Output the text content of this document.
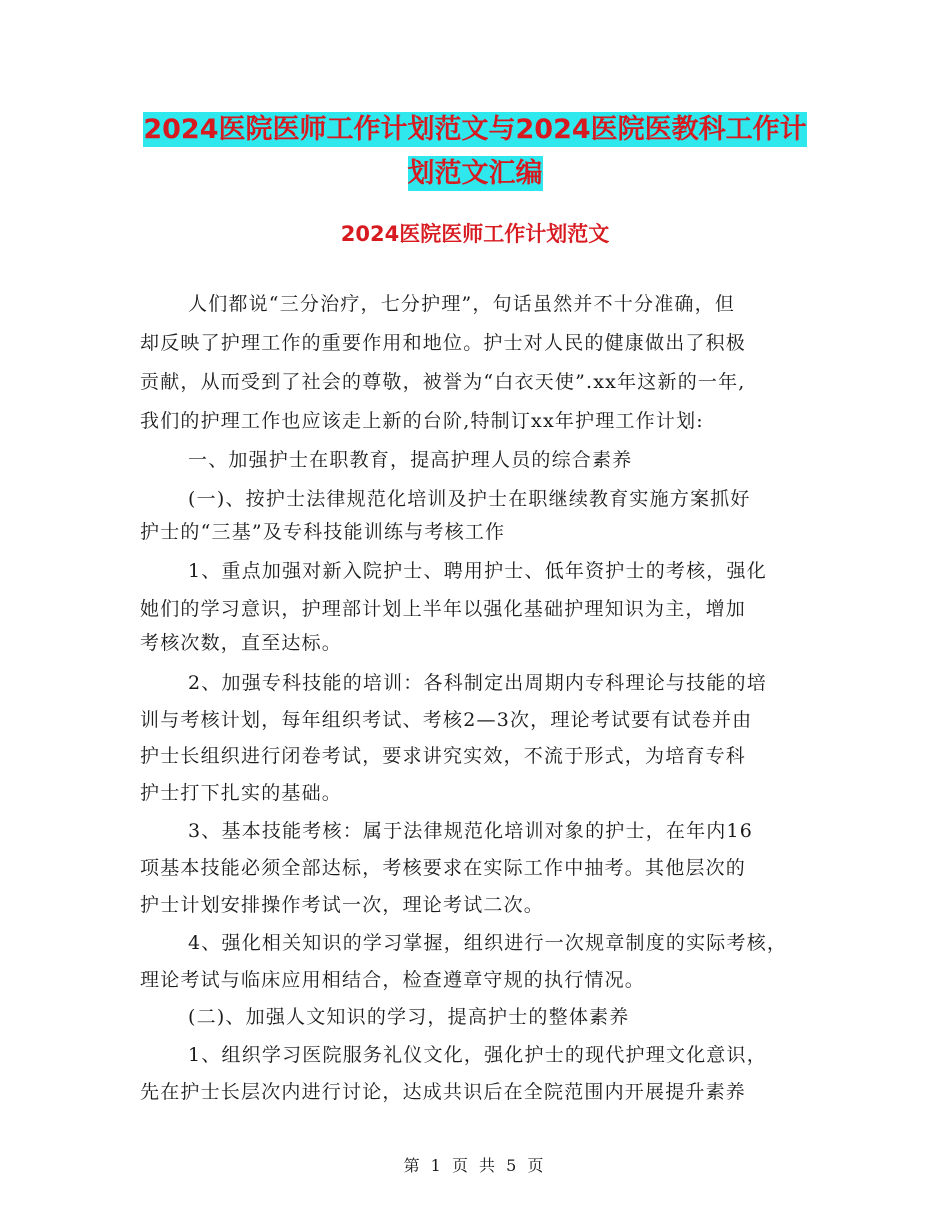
2024医院医师工作计划范文与2024医院医教科工作计
划范文汇编
2024医院医师工作计划范文
人们都说“三分治疗，七分护理”，句话虽然并不十分准确，但
却反映了护理工作的重要作用和地位。护士对人民的健康做出了积极
贡献，从而受到了社会的尊敬，被誉为“白衣天使”.xx年这新的一年,
我们的护理工作也应该走上新的台阶,特制订xx年护理工作计划:
一、加强护士在职教育，提高护理人员的综合素养
(一)、按护士法律规范化培训及护士在职继续教育实施方案抓好
护士的“三基”及专科技能训练与考核工作
1、重点加强对新入院护士、聘用护士、低年资护士的考核，强化
她们的学习意识，护理部计划上半年以强化基础护理知识为主，增加
考核次数，直至达标。
2、加强专科技能的培训：各科制定出周期内专科理论与技能的培
训与考核计划，每年组织考试、考核2—3次，理论考试要有试卷并由
护士长组织进行闭卷考试，要求讲究实效，不流于形式，为培育专科
护士打下扎实的基础。
3、基本技能考核：属于法律规范化培训对象的护士，在年内16
项基本技能必须全部达标，考核要求在实际工作中抽考。其他层次的
护士计划安排操作考试一次，理论考试二次。
4、强化相关知识的学习掌握，组织进行一次规章制度的实际考核，
理论考试与临床应用相结合，检查遵章守规的执行情况。
(二)、加强人文知识的学习，提高护士的整体素养
1、组织学习医院服务礼仪文化，强化护士的现代护理文化意识，
先在护士长层次内进行讨论，达成共识后在全院范围内开展提升素养
第 1 页 共 5 页
